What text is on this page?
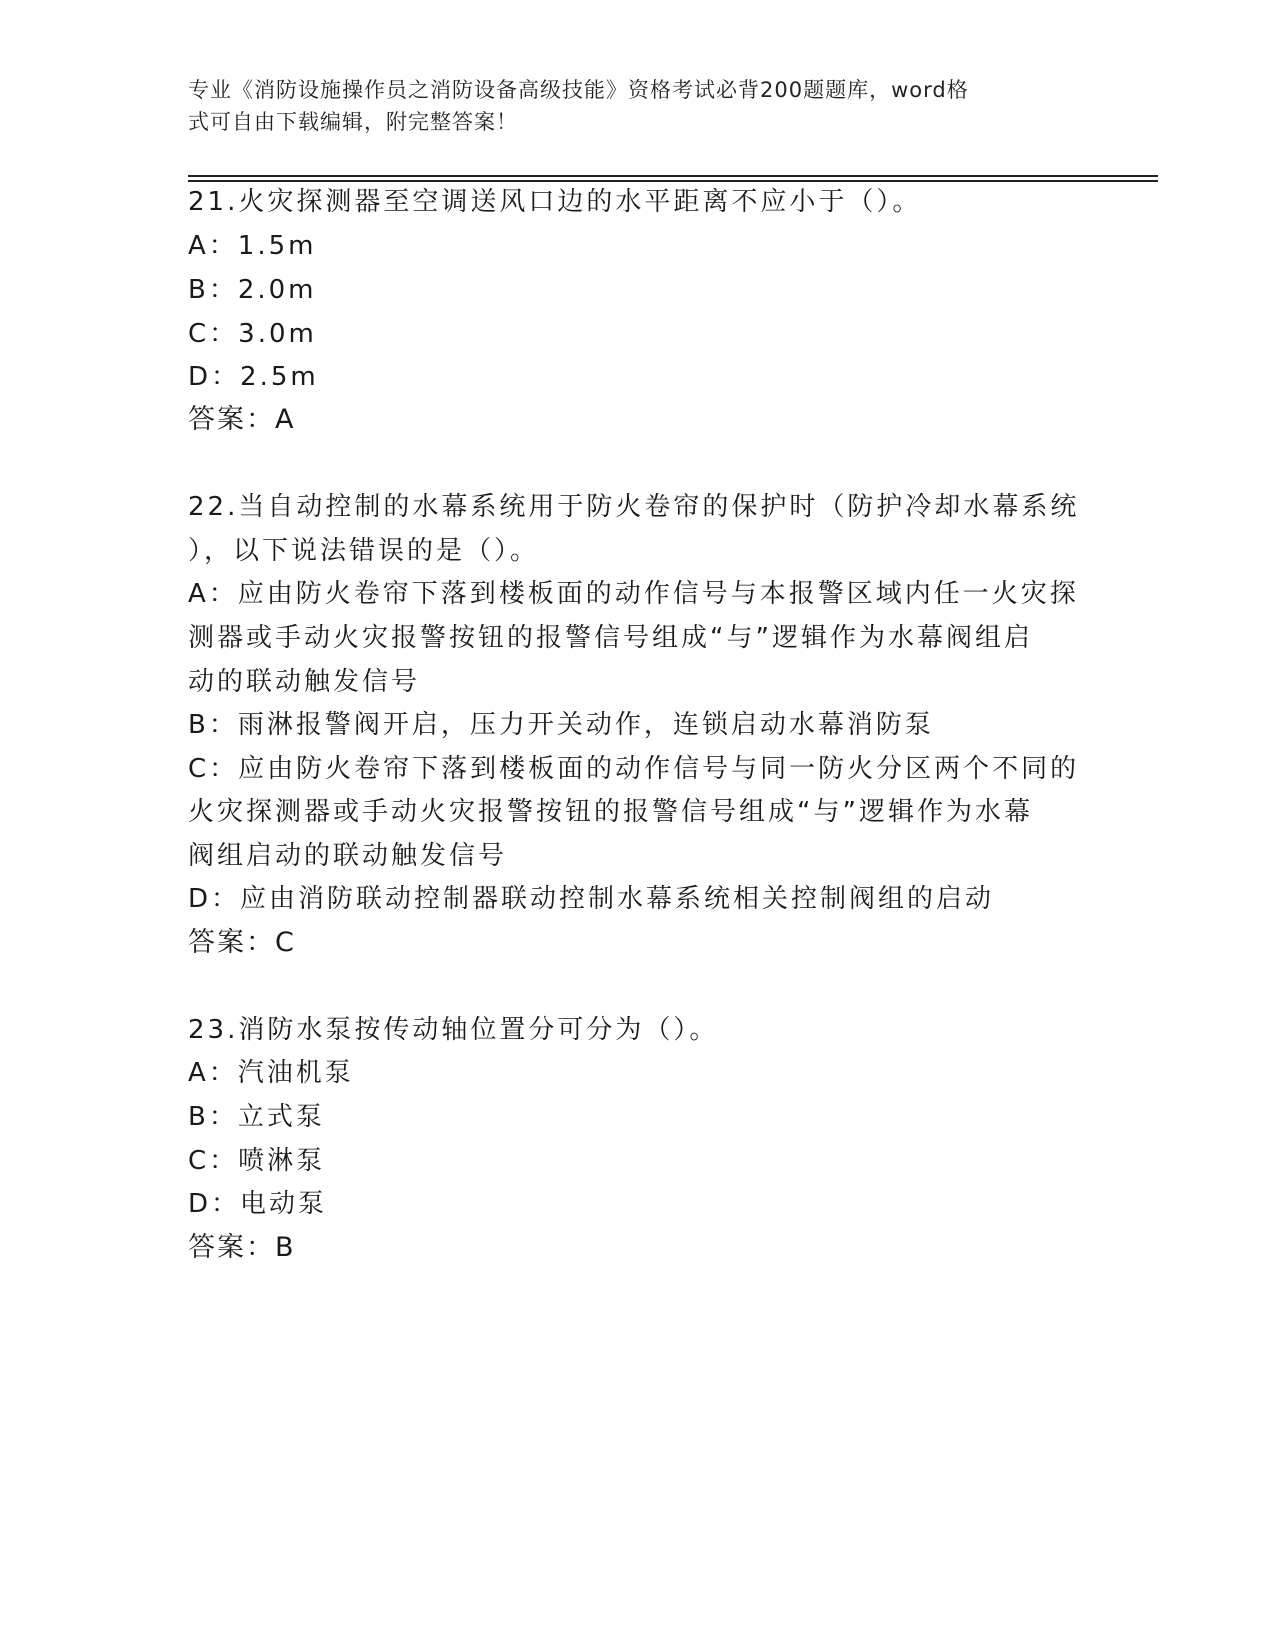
专业《消防设施操作员之消防设备高级技能》资格考试必背200题题库，word格
式可自由下载编辑，附完整答案！
21.火灾探测器至空调送风口边的水平距离不应小于（）。
A：1.5m
B：2.0m
C：3.0m
D：2.5m
答案：A
22.当自动控制的水幕系统用于防火卷帘的保护时（防护冷却水幕系统
），以下说法错误的是（）。
A：应由防火卷帘下落到楼板面的动作信号与本报警区域内任一火灾探
测器或手动火灾报警按钮的报警信号组成“与”逻辑作为水幕阀组启
动的联动触发信号
B：雨淋报警阀开启，压力开关动作，连锁启动水幕消防泵
C：应由防火卷帘下落到楼板面的动作信号与同一防火分区两个不同的
火灾探测器或手动火灾报警按钮的报警信号组成“与”逻辑作为水幕
阀组启动的联动触发信号
D：应由消防联动控制器联动控制水幕系统相关控制阀组的启动
答案：C
23.消防水泵按传动轴位置分可分为（）。
A：汽油机泵
B：立式泵
C：喷淋泵
D：电动泵
答案：B
